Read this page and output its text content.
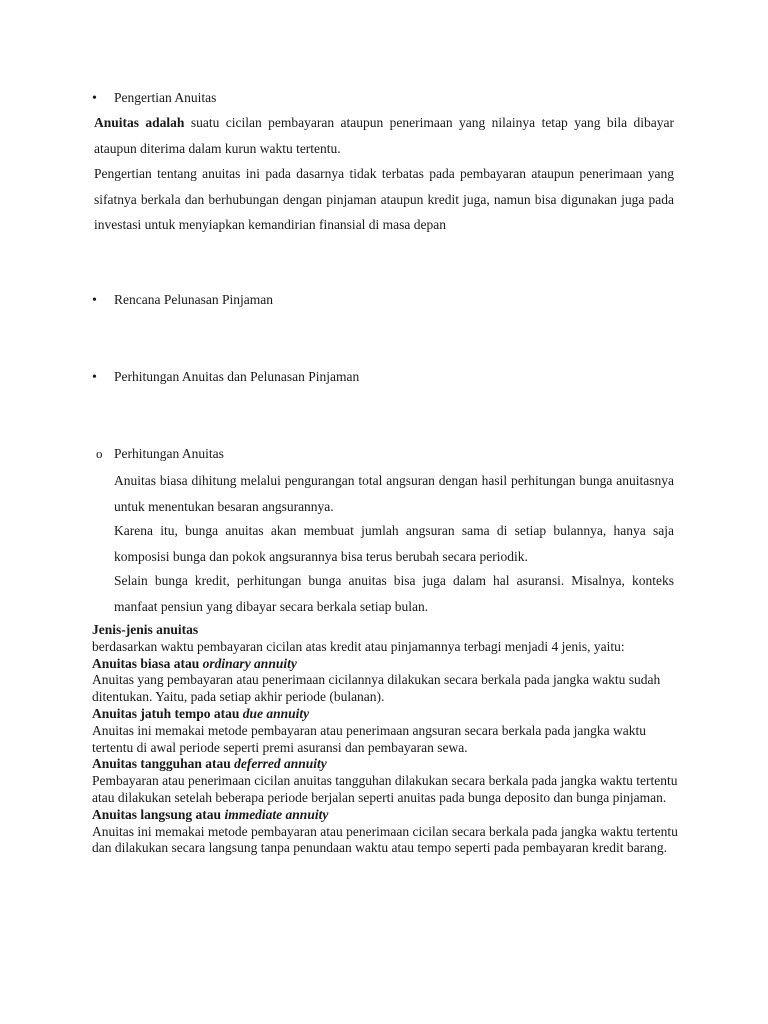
• Pengertian Anuitas

Anuitas adalah suatu cicilan pembayaran ataupun penerimaan yang nilainya tetap yang bila dibayar ataupun diterima dalam kurun waktu tertentu.

Pengertian tentang anuitas ini pada dasarnya tidak terbatas pada pembayaran ataupun penerimaan yang sifatnya berkala dan berhubungan dengan pinjaman ataupun kredit juga, namun bisa digunakan juga pada investasi untuk menyiapkan kemandirian finansial di masa depan

• Rencana Pelunasan Pinjaman
• Perhitungan Anuitas dan Pelunasan Pinjaman
o Perhitungan Anuitas

Anuitas biasa dihitung melalui pengurangan total angsuran dengan hasil perhitungan bunga anuitasnya untuk menentukan besaran angsurannya.

Karena itu, bunga anuitas akan membuat jumlah angsuran sama di setiap bulannya, hanya saja komposisi bunga dan pokok angsurannya bisa terus berubah secara periodik.

Selain bunga kredit, perhitungan bunga anuitas bisa juga dalam hal asuransi. Misalnya, konteks manfaat pensiun yang dibayar secara berkala setiap bulan.

Jenis-jenis anuitas

berdasarkan waktu pembayaran cicilan atas kredit atau pinjamannya terbagi menjadi 4 jenis, yaitu:

Anuitas biasa atau ordinary annuity

Anuitas yang pembayaran atau penerimaan cicilannya dilakukan secara berkala pada jangka waktu sudah ditentukan. Yaitu, pada setiap akhir periode (bulanan).

Anuitas jatuh tempo atau due annuity

Anuitas ini memakai metode pembayaran atau penerimaan angsuran secara berkala pada jangka waktu tertentu di awal periode seperti premi asuransi dan pembayaran sewa.

Anuitas tangguhan atau deferred annuity

Pembayaran atau penerimaan cicilan anuitas tangguhan dilakukan secara berkala pada jangka waktu tertentu atau dilakukan setelah beberapa periode berjalan seperti anuitas pada bunga deposito dan bunga pinjaman.

Anuitas langsung atau immediate annuity

Anuitas ini memakai metode pembayaran atau penerimaan cicilan secara berkala pada jangka waktu tertentu dan dilakukan secara langsung tanpa penundaan waktu atau tempo seperti pada pembayaran kredit barang.
